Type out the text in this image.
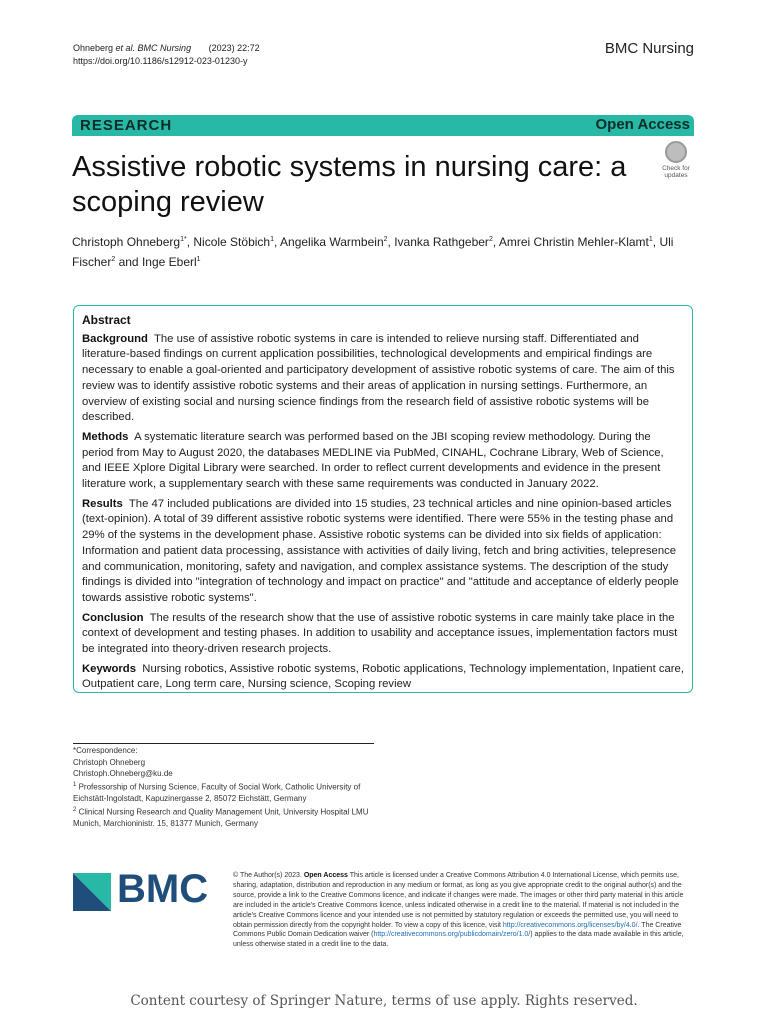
Ohneberg et al. BMC Nursing (2023) 22:72
https://doi.org/10.1186/s12912-023-01230-y
BMC Nursing
RESEARCH	Open Access
Assistive robotic systems in nursing care: a scoping review
Check for
updates
Christoph Ohneberg$^{1*}$, Nicole Stöbich$^1$, Angelika Warmbein$^2$, Ivanka Rathgeber$^2$, Amrei Christin Mehler-Klamt$^1$, Uli Fischer$^2$ and Inge Eberl$^1$
Abstract

Background The use of assistive robotic systems in care is intended to relieve nursing staff. Differentiated and literature-based findings on current application possibilities, technological developments and empirical findings are necessary to enable a goal-oriented and participatory development of assistive robotic systems of care. The aim of this review was to identify assistive robotic systems and their areas of application in nursing settings. Furthermore, an overview of existing social and nursing science findings from the research field of assistive robotic systems will be described.

Methods A systematic literature search was performed based on the JBI scoping review methodology. During the period from May to August 2020, the databases MEDLINE via PubMed, CINAHL, Cochrane Library, Web of Science, and IEEE Xplore Digital Library were searched. In order to reflect current developments and evidence in the present literature work, a supplementary search with these same requirements was conducted in January 2022.

Results The 47 included publications are divided into 15 studies, 23 technical articles and nine opinion-based articles (text-opinion). A total of 39 different assistive robotic systems were identified. There were 55% in the testing phase and 29% of the systems in the development phase. Assistive robotic systems can be divided into six fields of application: Information and patient data processing, assistance with activities of daily living, fetch and bring activities, telepresence and communication, monitoring, safety and navigation, and complex assistance systems. The description of the study findings is divided into "integration of technology and impact on practice" and "attitude and acceptance of elderly people towards assistive robotic systems".

Conclusion The results of the research show that the use of assistive robotic systems in care mainly take place in the context of development and testing phases. In addition to usability and acceptance issues, implementation factors must be integrated into theory-driven research projects.

Keywords Nursing robotics, Assistive robotic systems, Robotic applications, Technology implementation, Inpatient care, Outpatient care, Long term care, Nursing science, Scoping review

*Correspondence:

Christoph Ohneberg

Christoph.Ohneberg@ku.de

$^1$ Professorship of Nursing Science, Faculty of Social Work, Catholic University of Eichstätt-Ingolstadt, Kapuzinergasse 2, 85072 Eichstätt, Germany

$^2$ Clinical Nursing Research and Quality Management Unit, University Hospital LMU Munich, Marchioninistr. 15, 81377 Munich, Germany

BMC	© The Author(s) 2023. Open Access This article is licensed under a Creative Commons Attribution 4.0 International License, which permits use, sharing, adaptation, distribution and reproduction in any medium or format, as long as you give appropriate credit to the original author(s) and the source, provide a link to the Creative Commons licence, and indicate if changes were made. The images or other third party material in this article are included in the article's Creative Commons licence, unless indicated otherwise in a credit line to the material. If material is not included in the article's Creative Commons licence and your intended use is not permitted by statutory regulation or exceeds the permitted use, you will need to obtain permission directly from the copyright holder. To view a copy of this licence, visit http://creativecommons.org/licenses/by/4.0/. The Creative Commons Public Domain Dedication waiver (http://creativecommons.org/publicdomain/zero/1.0/) applies to the data made available in this article, unless otherwise stated in a credit line to the data.
Content courtesy of Springer Nature, terms of use apply. Rights reserved.
